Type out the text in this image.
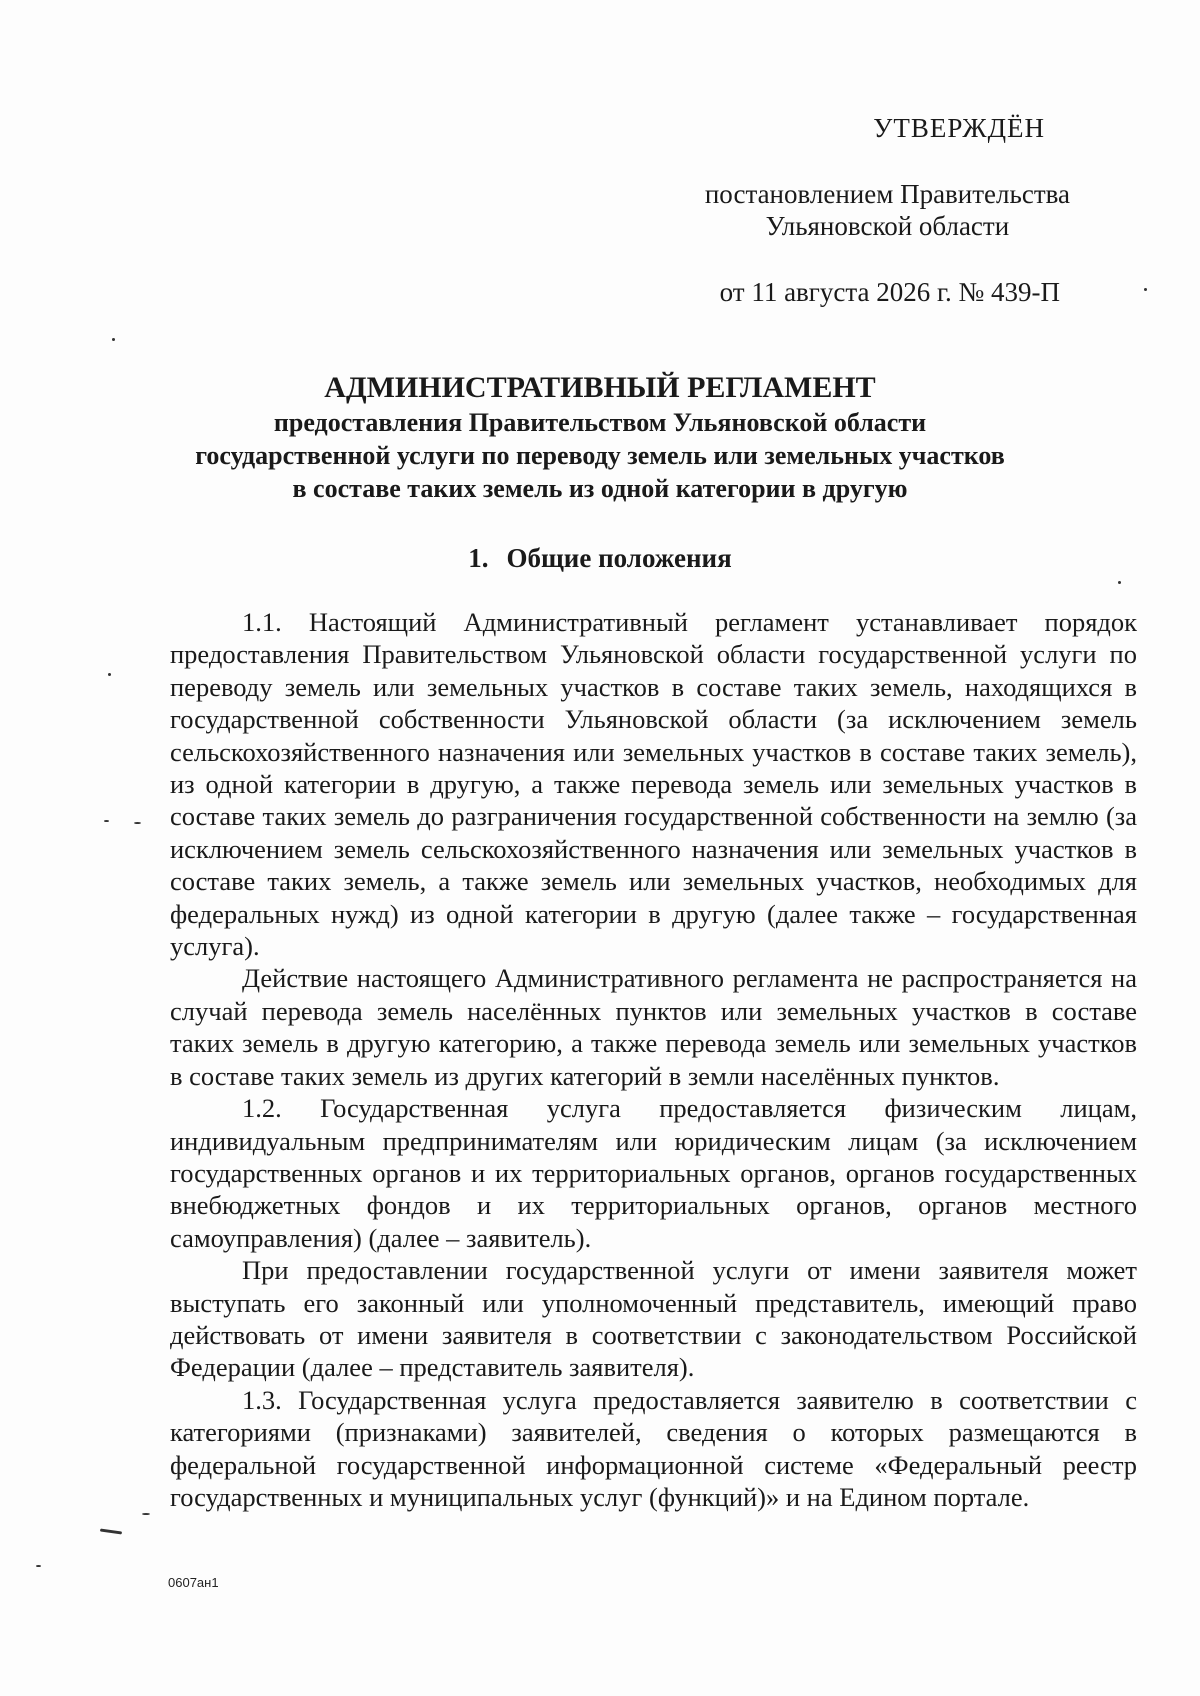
УТВЕРЖДЁН
постановлением Правительства
Ульяновской области
от 11 августа 2026 г. № 439-П
АДМИНИСТРАТИВНЫЙ РЕГЛАМЕНТ
предоставления Правительством Ульяновской области
государственной услуги по переводу земель или земельных участков
в составе таких земель из одной категории в другую
1. Общие положения

1.1. Настоящий Административный регламент устанавливает порядок предоставления Правительством Ульяновской области государственной услуги по переводу земель или земельных участков в составе таких земель, находящихся в государственной собственности Ульяновской области (за исключением земель сельскохозяйственного назначения или земельных участков в составе таких земель), из одной категории в другую, а также перевода земель или земельных участков в составе таких земель до разграничения государственной собственности на землю (за исключением земель сельскохозяйственного назначения или земельных участков в составе таких земель, а также земель или земельных участков, необходимых для федеральных нужд) из одной категории в другую (далее также – государственная услуга).

Действие настоящего Административного регламента не распространяется на случай перевода земель населённых пунктов или земельных участков в составе таких земель в другую категорию, а также перевода земель или земельных участков в составе таких земель из других категорий в земли населённых пунктов.

1.2. Государственная услуга предоставляется физическим лицам, индивидуальным предпринимателям или юридическим лицам (за исключением государственных органов и их территориальных органов, органов государственных внебюджетных фондов и их территориальных органов, органов местного самоуправления) (далее – заявитель).

При предоставлении государственной услуги от имени заявителя может выступать его законный или уполномоченный представитель, имеющий право действовать от имени заявителя в соответствии с законодательством Российской Федерации (далее – представитель заявителя).

1.3. Государственная услуга предоставляется заявителю в соответствии с категориями (признаками) заявителей, сведения о которых размещаются в федеральной государственной информационной системе «Федеральный реестр государственных и муниципальных услуг (функций)» и на Едином портале.

0607ан1
